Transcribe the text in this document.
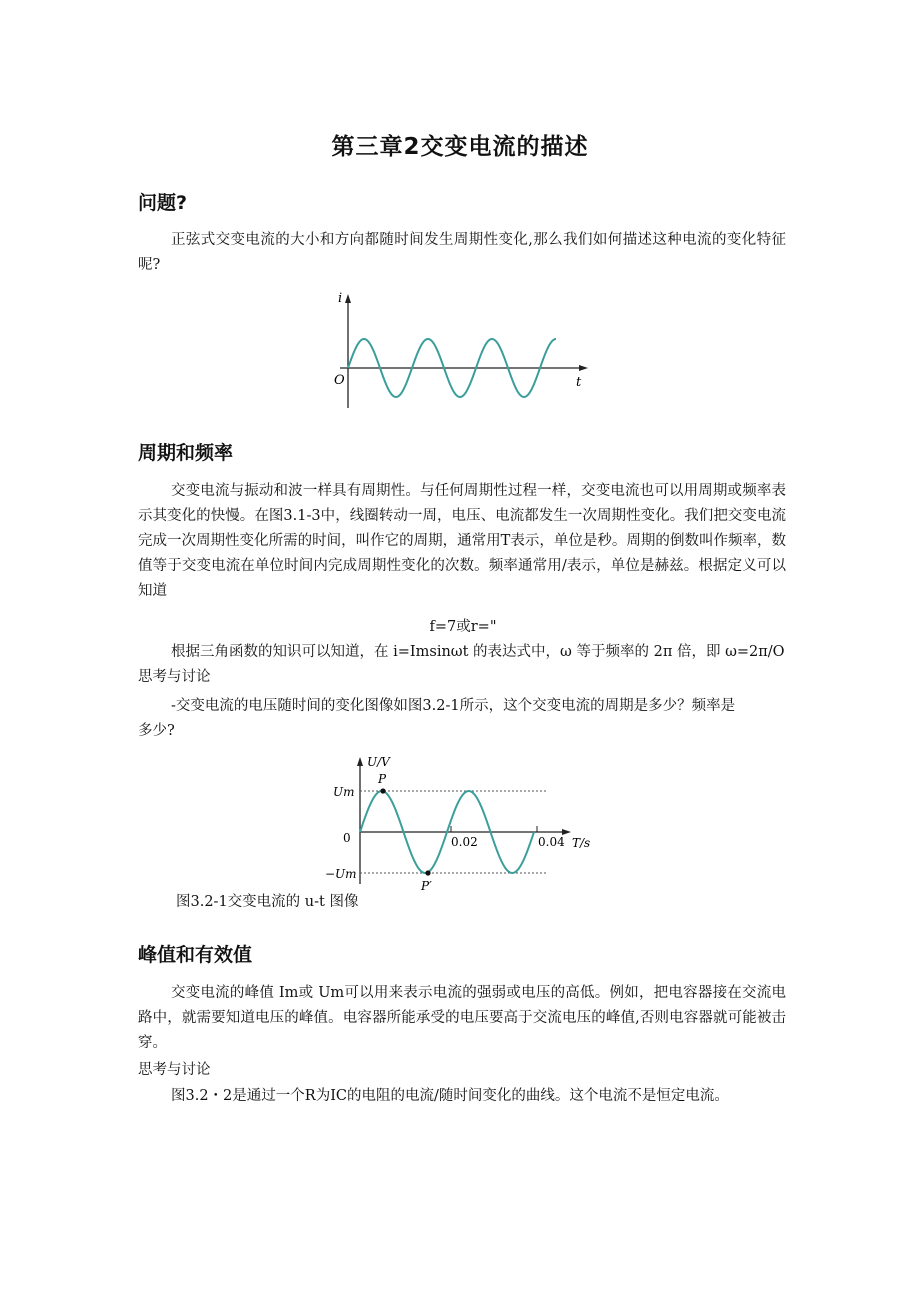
第三章2交变电流的描述
问题?
正弦式交变电流的大小和方向都随时间发生周期性变化,那么我们如何描述这种电流的变化特征呢?
i
O	t
周期和频率
交变电流与振动和波一样具有周期性。与任何周期性过程一样，交变电流也可以用周期或频率表示其变化的快慢。在图3.1-3中，线圈转动一周，电压、电流都发生一次周期性变化。我们把交变电流完成一次周期性变化所需的时间，叫作它的周期，通常用T表示，单位是秒。周期的倒数叫作频率，数值等于交变电流在单位时间内完成周期性变化的次数。频率通常用/表示，单位是赫兹。根据定义可以知道
f=7或r="
根据三角函数的知识可以知道，在 i=Imsinωt 的表达式中，ω 等于频率的 2π 倍，即 ω=2π/O
思考与讨论
-交变电流的电压随时间的变化图像如图3.2-1所示，这个交变电流的周期是多少？频率是
多少?
U/V
Um
0
−Um
P
P′
0.02	0.04 T/s
图3.2-1交变电流的 u-t 图像
峰值和有效值
交变电流的峰值 Im或 Um可以用来表示电流的强弱或电压的高低。例如，把电容器接在交流电路中，就需要知道电压的峰值。电容器所能承受的电压要高于交流电压的峰值,否则电容器就可能被击穿。
思考与讨论
图3.2・2是通过一个R为IC的电阻的电流/随时间变化的曲线。这个电流不是恒定电流。
